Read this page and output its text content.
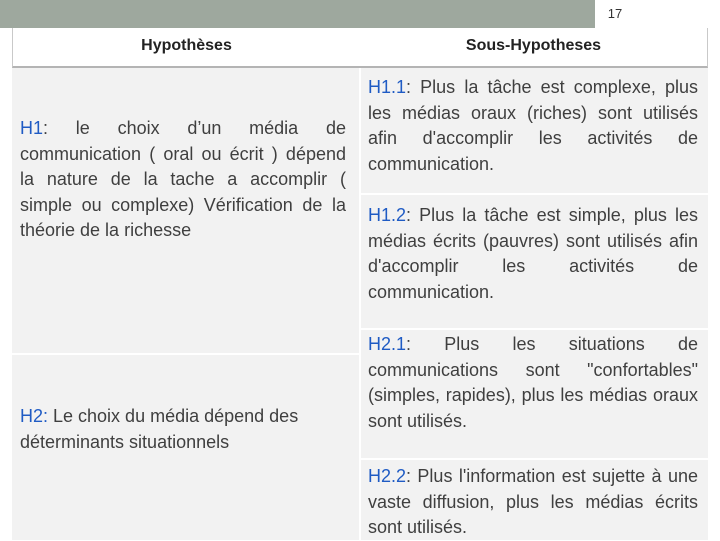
17
Hypothèses	Sous-Hypotheses
H1: le choix d’un média de communication ( oral ou écrit ) dépend la nature de la tache a accomplir ( simple ou complexe) Vérification de la théorie de la richesse
H2: Le choix du média dépend des déterminants situationnels
H1.1: Plus la tâche est complexe, plus les médias oraux (riches) sont utilisés afin d'accomplir les activités de communication.
H1.2: Plus la tâche est simple, plus les médias écrits (pauvres) sont utilisés afin d'accomplir les activités de communication.
H2.1: Plus les situations de communications sont "confortables" (simples, rapides), plus les médias oraux sont utilisés.
H2.2: Plus l'information est sujette à une vaste diffusion, plus les médias écrits sont utilisés.
